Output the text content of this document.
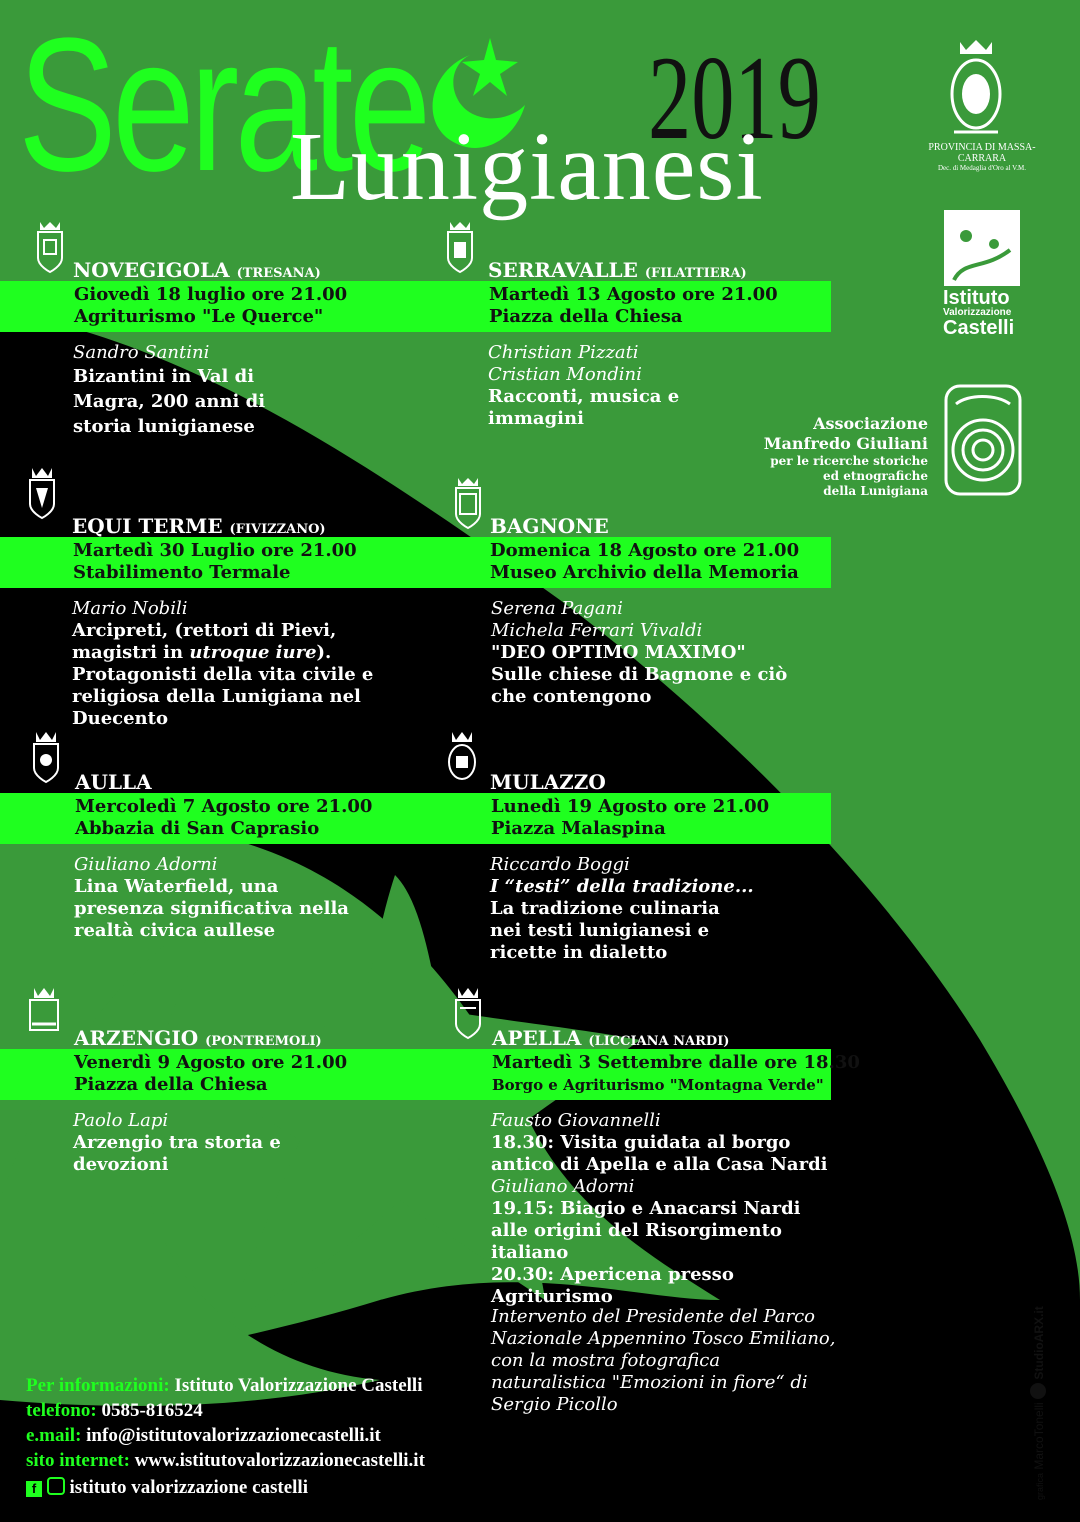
Serate 2019
Lunigianesi
NOVEGIGOLA (TRESANA)
Giovedì 18 luglio ore 21.00
Agriturismo "Le Querce"
Sandro Santini
Bizantini in Val di Magra, 200 anni di storia lunigianese
SERRAVALLE (FILATTIERA)
Martedì 13 Agosto ore 21.00
Piazza della Chiesa
Christian Pizzati
Cristian Mondini
Racconti, musica e immagini
EQUI TERME (FIVIZZANO)
Martedì 30 Luglio ore 21.00
Stabilimento Termale
Mario Nobili
Arcipreti, (rettori di Pievi, magistri in utroque iure). Protagonisti della vita civile e religiosa della Lunigiana nel Duecento
BAGNONE
Domenica 18 Agosto ore 21.00
Museo Archivio della Memoria
Serena Pagani
Michela Ferrari Vivaldi
"DEO OPTIMO MAXIMO"
Sulle chiese di Bagnone e ciò che contengono
AULLA
Mercoledì 7 Agosto ore 21.00
Abbazia di San Caprasio
Giuliano Adorni
Lina Waterfield, una presenza significativa nella realtà civica aullese
MULAZZO
Lunedì 19 Agosto ore 21.00
Piazza Malaspina
Riccardo Boggi
I “testi” della tradizione...
La tradizione culinaria nei testi lunigianesi e ricette in dialetto
ARZENGIO (PONTREMOLI)
Venerdì 9 Agosto ore 21.00
Piazza della Chiesa
Paolo Lapi
Arzengio tra storia e devozioni
APELLA (LICCIANA NARDI)
Martedì 3 Settembre dalle ore 18.30
Borgo e Agriturismo "Montagna Verde"
Fausto Giovannelli
18.30: Visita guidata al borgo antico di Apella e alla Casa Nardi
Giuliano Adorni
19.15: Biagio e Anacarsi Nardi alle origini del Risorgimento italiano
20.30: Apericena presso Agriturismo
Intervento del Presidente del Parco Nazionale Appennino Tosco Emiliano, con la mostra fotografica naturalistica "Emozioni in fiore“ di Sergio Picollo
PROVINCIA DI MASSA-CARRARA
Dec. di Medaglia d'Oro al V.M.
Istituto
Valorizzazione
Castelli
Associazione
Manfredo Giuliani
per le ricerche storiche
ed etnografiche
della Lunigiana
Per informazioni: Istituto Valorizzazione Castelli
telefono: 0585-816524
e.mail: info@istitutovalorizzazionecastelli.it
sito internet: www.istitutovalorizzazionecastelli.it
f istituto valorizzazione castelli	grafica MarcoTonelli  StudioARX.it
